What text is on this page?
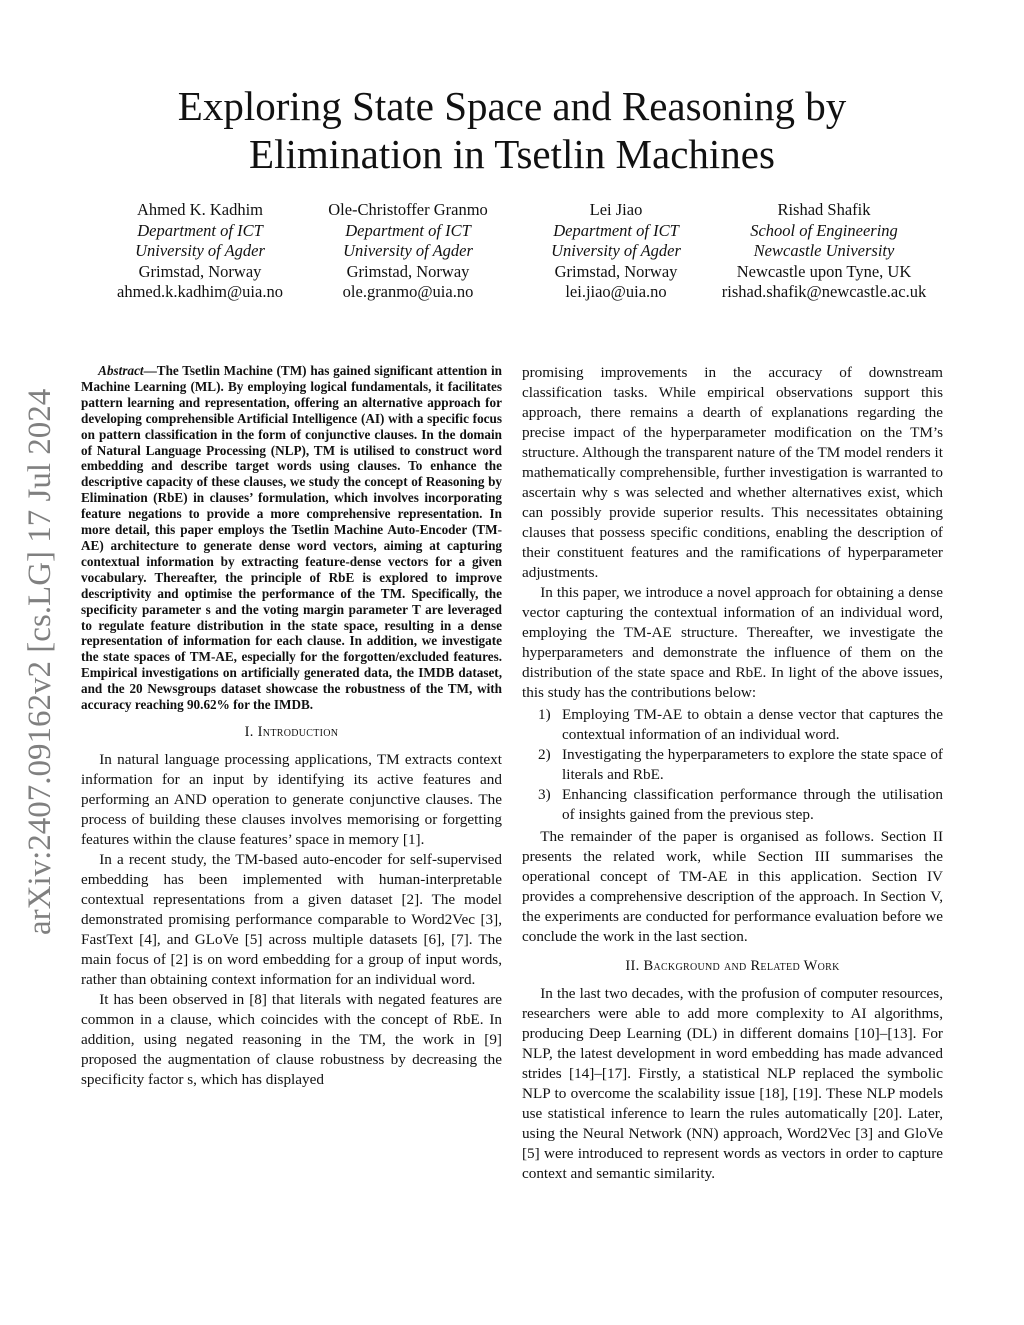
arXiv:2407.09162v2 [cs.LG] 17 Jul 2024
Exploring State Space and Reasoning by Elimination in Tsetlin Machines
Ahmed K. Kadhim
Department of ICT
University of Agder
Grimstad, Norway
ahmed.k.kadhim@uia.no
Ole-Christoffer Granmo
Department of ICT
University of Agder
Grimstad, Norway
ole.granmo@uia.no
Lei Jiao
Department of ICT
University of Agder
Grimstad, Norway
lei.jiao@uia.no
Rishad Shafik
School of Engineering
Newcastle University
Newcastle upon Tyne, UK
rishad.shafik@newcastle.ac.uk

Abstract—The Tsetlin Machine (TM) has gained significant attention in Machine Learning (ML). By employing logical fundamentals, it facilitates pattern learning and representation, offering an alternative approach for developing comprehensible Artificial Intelligence (AI) with a specific focus on pattern classification in the form of conjunctive clauses. In the domain of Natural Language Processing (NLP), TM is utilised to construct word embedding and describe target words using clauses. To enhance the descriptive capacity of these clauses, we study the concept of Reasoning by Elimination (RbE) in clauses’ formulation, which involves incorporating feature negations to provide a more comprehensive representation. In more detail, this paper employs the Tsetlin Machine Auto-Encoder (TM-AE) architecture to generate dense word vectors, aiming at capturing contextual information by extracting feature-dense vectors for a given vocabulary. Thereafter, the principle of RbE is explored to improve descriptivity and optimise the performance of the TM. Specifically, the specificity parameter s and the voting margin parameter T are leveraged to regulate feature distribution in the state space, resulting in a dense representation of information for each clause. In addition, we investigate the state spaces of TM-AE, especially for the forgotten/excluded features. Empirical investigations on artificially generated data, the IMDB dataset, and the 20 Newsgroups dataset showcase the robustness of the TM, with accuracy reaching 90.62% for the IMDB.

I. Introduction

In natural language processing applications, TM extracts context information for an input by identifying its active features and performing an AND operation to generate conjunctive clauses. The process of building these clauses involves memorising or forgetting features within the clause features’ space in memory [1].

In a recent study, the TM-based auto-encoder for self-supervised embedding has been implemented with human-interpretable contextual representations from a given dataset [2]. The model demonstrated promising performance comparable to Word2Vec [3], FastText [4], and GLoVe [5] across multiple datasets [6], [7]. The main focus of [2] is on word embedding for a group of input words, rather than obtaining context information for an individual word.

It has been observed in [8] that literals with negated features are common in a clause, which coincides with the concept of RbE. In addition, using negated reasoning in the TM, the work in [9] proposed the augmentation of clause robustness by decreasing the specificity factor s, which has displayed

promising improvements in the accuracy of downstream classification tasks. While empirical observations support this approach, there remains a dearth of explanations regarding the precise impact of the hyperparameter modification on the TM’s structure. Although the transparent nature of the TM model renders it mathematically comprehensible, further investigation is warranted to ascertain why s was selected and whether alternatives exist, which can possibly provide superior results. This necessitates obtaining clauses that possess specific conditions, enabling the description of their constituent features and the ramifications of hyperparameter adjustments.

In this paper, we introduce a novel approach for obtaining a dense vector capturing the contextual information of an individual word, employing the TM-AE structure. Thereafter, we investigate the hyperparameters and demonstrate the influence of them on the distribution of the state space and RbE. In light of the above issues, this study has the contributions below:

1) Employing TM-AE to obtain a dense vector that captures the contextual information of an individual word.
2) Investigating the hyperparameters to explore the state space of literals and RbE.
3) Enhancing classification performance through the utilisation of insights gained from the previous step.

The remainder of the paper is organised as follows. Section II presents the related work, while Section III summarises the operational concept of TM-AE in this application. Section IV provides a comprehensive description of the approach. In Section V, the experiments are conducted for performance evaluation before we conclude the work in the last section.

II. Background and Related Work

In the last two decades, with the profusion of computer resources, researchers were able to add more complexity to AI algorithms, producing Deep Learning (DL) in different domains [10]–[13]. For NLP, the latest development in word embedding has made advanced strides [14]–[17]. Firstly, a statistical NLP replaced the symbolic NLP to overcome the scalability issue [18], [19]. These NLP models use statistical inference to learn the rules automatically [20]. Later, using the Neural Network (NN) approach, Word2Vec [3] and GloVe [5] were introduced to represent words as vectors in order to capture context and semantic similarity.
